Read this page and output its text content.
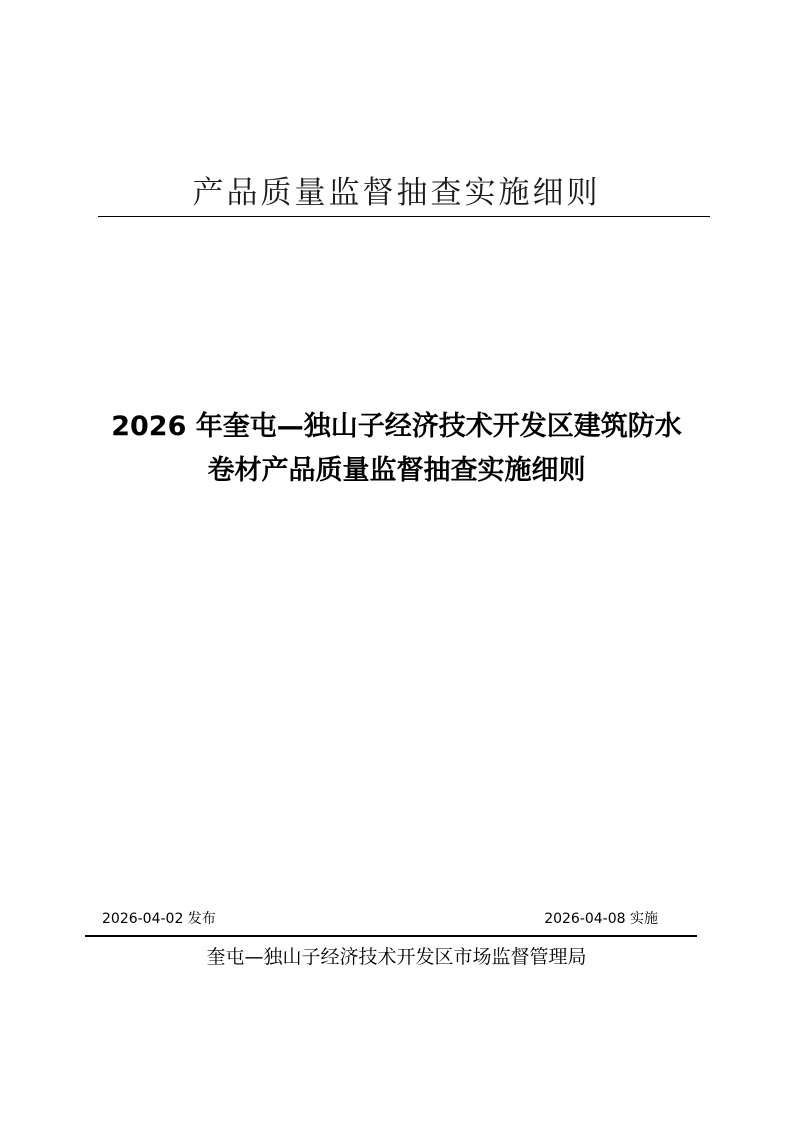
产品质量监督抽查实施细则
2026 年奎屯—独山子经济技术开发区建筑防水
卷材产品质量监督抽查实施细则
2026-04-02 发布	2026-04-08 实施
奎屯—独山子经济技术开发区市场监督管理局
